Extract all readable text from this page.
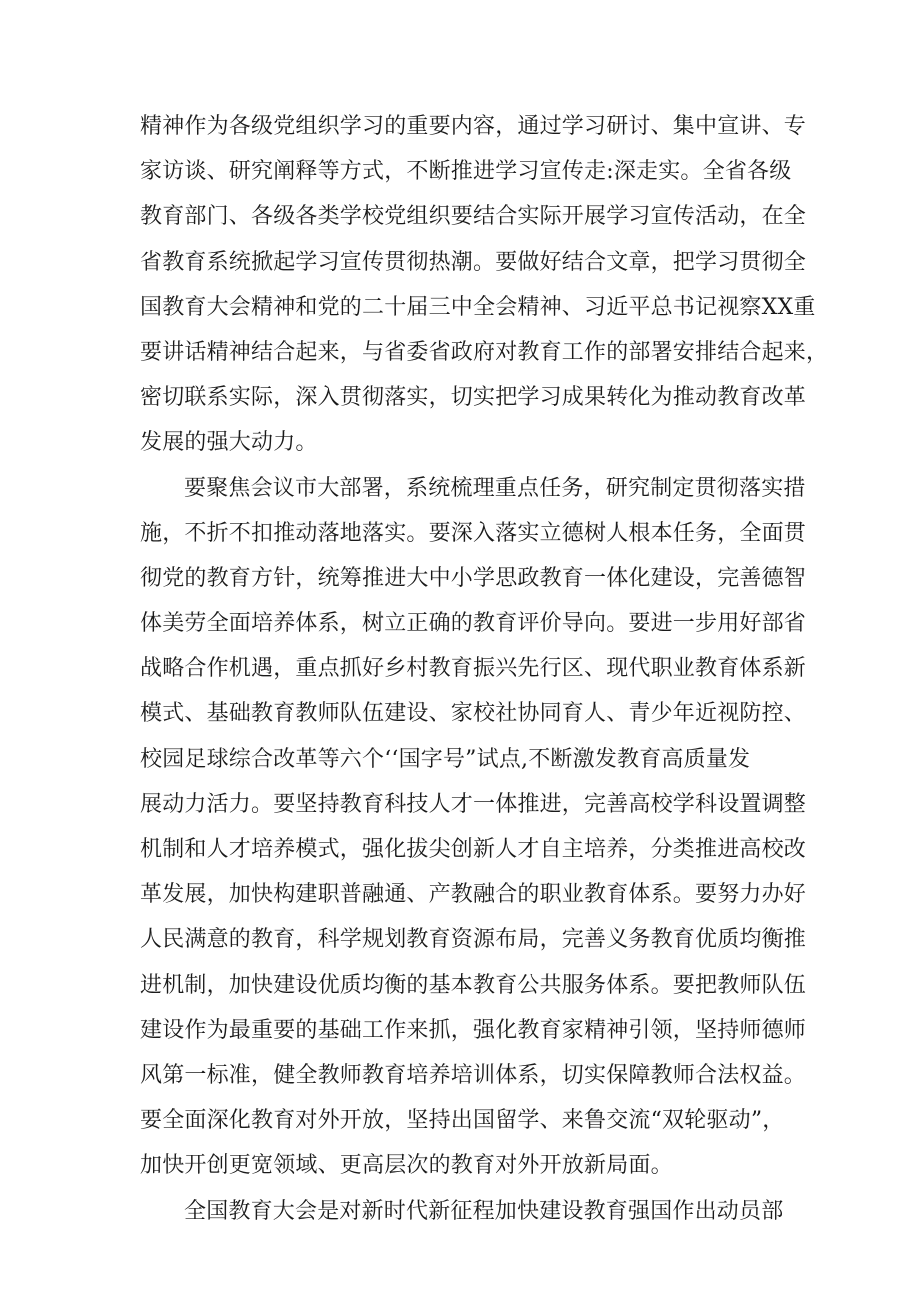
精神作为各级党组织学习的重要内容，通过学习研讨、集中宣讲、专
家访谈、研究阐释等方式，不断推进学习宣传走:深走实。全省各级
教育部门、各级各类学校党组织要结合实际开展学习宣传活动，在全
省教育系统掀起学习宣传贯彻热潮。要做好结合文章，把学习贯彻全
国教育大会精神和党的二十届三中全会精神、习近平总书记视察XX重
要讲话精神结合起来，与省委省政府对教育工作的部署安排结合起来，
密切联系实际，深入贯彻落实，切实把学习成果转化为推动教育改革
发展的强大动力。
要聚焦会议市大部署，系统梳理重点任务，研究制定贯彻落实措
施，不折不扣推动落地落实。要深入落实立德树人根本任务，全面贯
彻党的教育方针，统筹推进大中小学思政教育一体化建设，完善德智
体美劳全面培养体系，树立正确的教育评价导向。要进一步用好部省
战略合作机遇，重点抓好乡村教育振兴先行区、现代职业教育体系新
模式、基础教育教师队伍建设、家校社协同育人、青少年近视防控、
校园足球综合改革等六个‘‘国字号”试点,不断激发教育高质量发
展动力活力。要坚持教育科技人才一体推进，完善高校学科设置调整
机制和人才培养模式，强化拔尖创新人才自主培养，分类推进高校改
革发展，加快构建职普融通、产教融合的职业教育体系。要努力办好
人民满意的教育，科学规划教育资源布局，完善义务教育优质均衡推
进机制，加快建设优质均衡的基本教育公共服务体系。要把教师队伍
建设作为最重要的基础工作来抓，强化教育家精神引领，坚持师德师
风第一标准，健全教师教育培养培训体系，切实保障教师合法权益。
要全面深化教育对外开放，坚持出国留学、来鲁交流“双轮驱动”，
加快开创更宽领域、更高层次的教育对外开放新局面。
全国教育大会是对新时代新征程加快建设教育强国作出动员部
